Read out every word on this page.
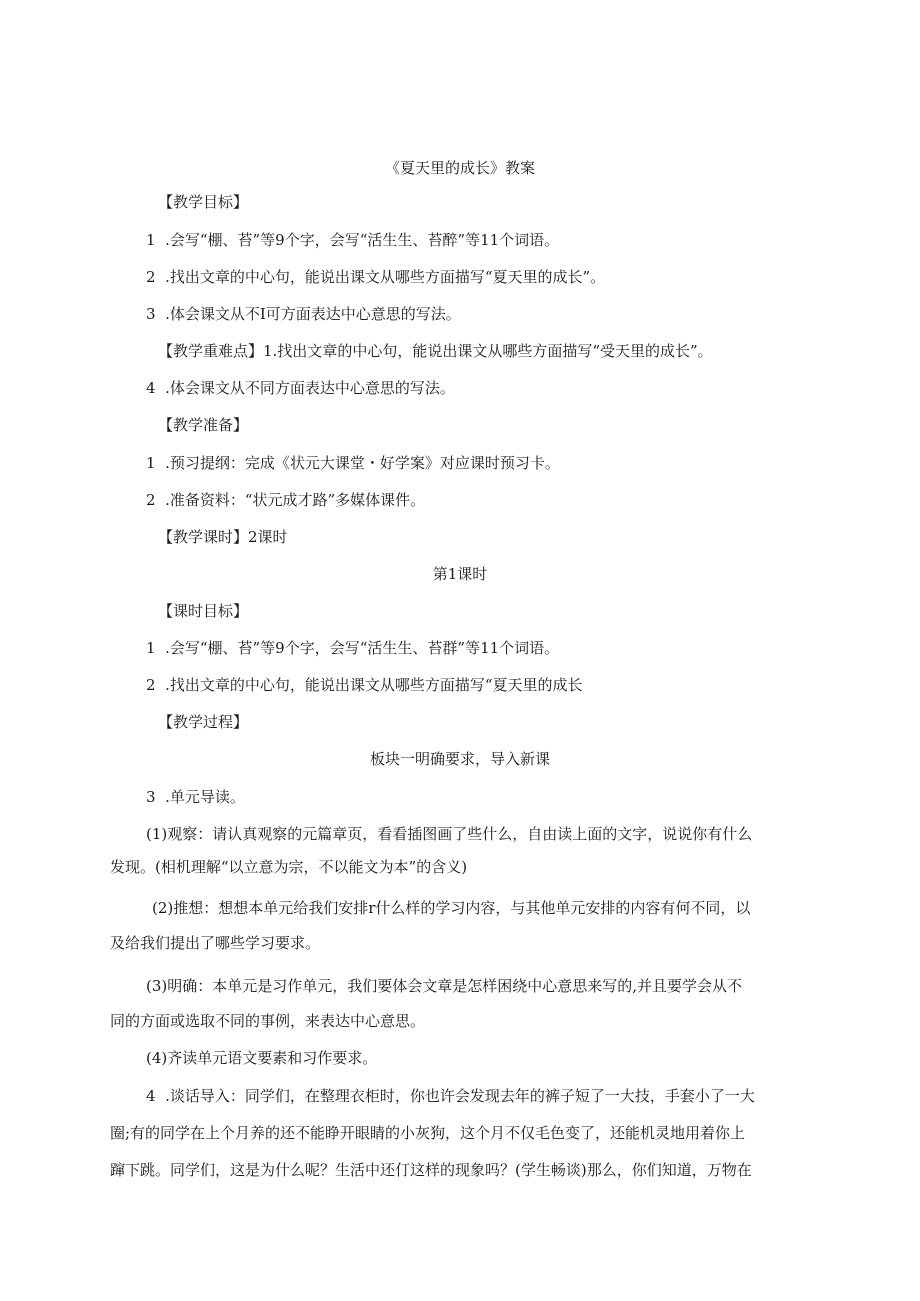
《夏天里的成长》教案
【教学目标】
1  .会写“棚、苔”等9个字，会写“活生生、苔醉”等11个词语。
2  .找出文章的中心句，能说出课文从哪些方面描写“夏天里的成长”。
3  .体会课文从不I可方面表达中心意思的写法。
【教学重难点】1.找出文章的中心句，能说出课文从哪些方面描写“受天里的成长”。
4  .体会课文从不同方面表达中心意思的写法。
【教学准备】
1  .预习提纲：完成《状元大课堂・好学案》对应课时预习卡。
2  .准备资料：“状元成才路”多媒体课件。
【教学课时】2课时
第1课时
【课时目标】
1  .会写“棚、苔”等9个字，会写“活生生、苔群”等11个词语。
2  .找出文章的中心句，能说出课文从哪些方面描写“夏天里的成长
【教学过程】
板块一明确要求，导入新课
3  .单元导读。
(1)观察：请认真观察的元篇章页，看看插图画了些什么，自由读上面的文字，说说你有什么
发现。(相机理解“以立意为宗，不以能文为本”的含义)
(2)推想：想想本单元给我们安排r什么样的学习内容，与其他单元安排的内容有何不同，以
及给我们提出了哪些学习要求。
(3)明确：本单元是习作单元，我们要体会文章是怎样困绕中心意思来写的,并且要学会从不
同的方面或选取不同的事例，来表达中心意思。
(4)齐读单元语文要素和习作要求。
4  .谈话导入：同学们，在整理衣柜时，你也许会发现去年的裤子短了一大技，手套小了一大
圈;有的同学在上个月养的还不能睁开眼睛的小灰狗，这个月不仅毛色变了，还能机灵地用着你上
蹿下跳。同学们，这是为什么呢？生活中还仃这样的现象吗？(学生畅谈)那么，你们知道，万物在
